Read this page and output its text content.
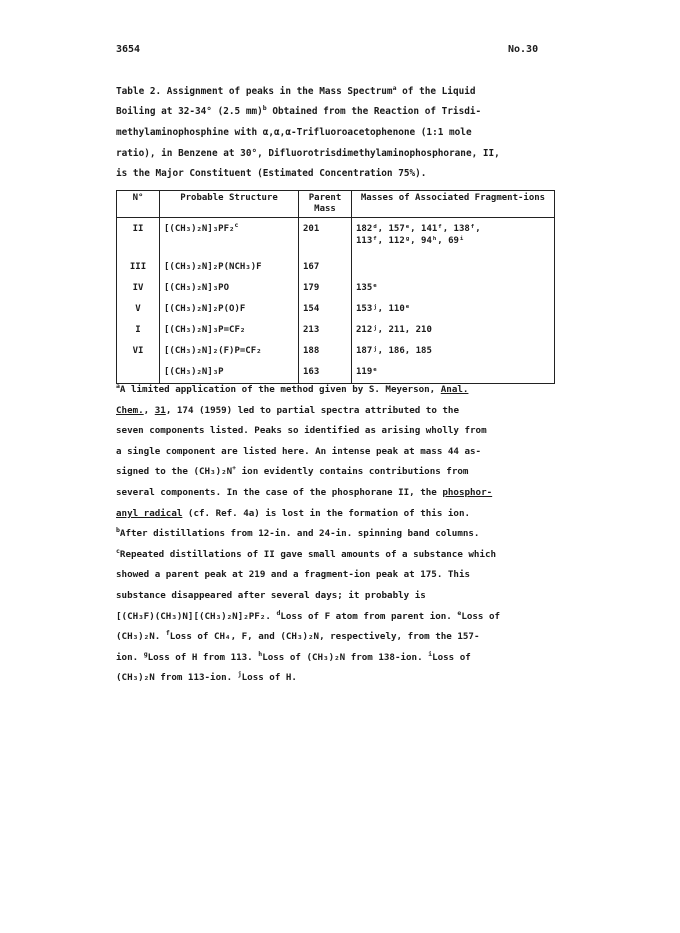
3654	No.30
Table 2. Assignment of peaks in the Mass Spectrum$^a$ of the Liquid
Boiling at 32-34° (2.5 mm)$^b$ Obtained from the Reaction of Trisdi-
methylaminophosphine with α,α,α-Trifluoroacetophenone (1:1 mole
ratio), in Benzene at 30°, Difluorotrisdimethylaminophosphorane, II,
is the Major Constituent (Estimated Concentration 75%).
N°	Probable Structure	Parent Mass	Masses of Associated Fragment-ions
II	[(CH₃)₂N]₃PF₂$^c$	201	182ᵈ, 157ᵉ, 141ᶠ, 138ᶠ,
113ᶠ, 112ᵍ, 94ʰ, 69ⁱ

III	[(CH₃)₂N]₂P(NCH₃)F	167	
IV	[(CH₃)₂N]₃PO	179	135ᵉ
V	[(CH₃)₂N]₂P(O)F	154	153ʲ, 110ᵉ
I	[(CH₃)₂N]₃P=CF₂	213	212ʲ, 211, 210
VI	[(CH₃)₂N]₂(F)P=CF₂	188	187ʲ, 186, 185
	[(CH₃)₂N]₃P	163	119ᵉ

$^a$A limited application of the method given by S. Meyerson, Anal.

Chem., 31, 174 (1959) led to partial spectra attributed to the

seven components listed. Peaks so identified as arising wholly from

a single component are listed here. An intense peak at mass 44 as-

signed to the (CH₃)₂N+ ion evidently contains contributions from

several components. In the case of the phosphorane II, the phosphor-

anyl radical (cf. Ref. 4a) is lost in the formation of this ion.

$^b$After distillations from 12-in. and 24-in. spinning band columns.

$^c$Repeated distillations of II gave small amounts of a substance which

showed a parent peak at 219 and a fragment-ion peak at 175. This

substance disappeared after several days; it probably is

[(CH₃F)(CH₃)N][(CH₃)₂N]₂PF₂. $^d$Loss of F atom from parent ion. $^e$Loss of

(CH₃)₂N. $^f$Loss of CH₄, F, and (CH₃)₂N, respectively, from the 157-

ion. $^g$Loss of H from 113. $^h$Loss of (CH₃)₂N from 138-ion. $^i$Loss of

(CH₃)₂N from 113-ion. $^j$Loss of H.
